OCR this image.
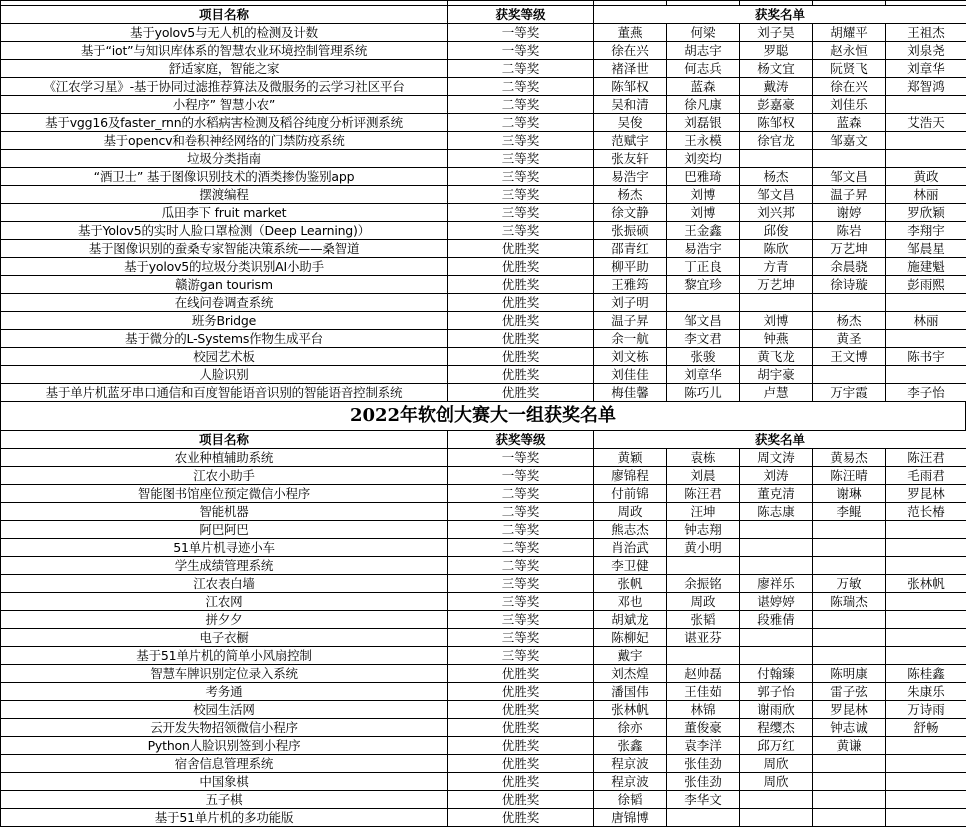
项目名称	获奖等级	获奖名单				
基于yolov5与无人机的检测及计数	一等奖	董燕	何梁	刘子昊	胡耀平	王祖杰
基于“iot”与知识库体系的智慧农业环境控制管理系统	一等奖	徐在兴	胡志宇	罗聪	赵永恒	刘泉尧
舒适家庭，智能之家	二等奖	褚泽世	何志兵	杨文宜	阮贤飞	刘章华
《江农学习星》-基于协同过滤推荐算法及微服务的云学习社区平台	二等奖	陈邹权	蓝森	戴涛	徐在兴	郑智鸿
小程序” 智慧小农”	二等奖	吴和清	徐凡康	彭嘉豪	刘佳乐	
基于vgg16及faster_rnn的水稻病害检测及稻谷纯度分析评测系统	二等奖	吴俊	刘磊银	陈邹权	蓝森	艾浩天
基于opencv和卷积神经网络的门禁防疫系统	三等奖	范赋宇	王永模	徐官龙	邹嘉文	
垃圾分类指南	三等奖	张友轩	刘奕均			
“酒卫士” 基于图像识别技术的酒类掺伪鉴别app	三等奖	易浩宇	巴雅琦	杨杰	邹文昌	黄政
摆渡编程	三等奖	杨杰	刘博	邹文昌	温子昇	林丽
瓜田李下 fruit market	三等奖	徐文静	刘博	刘兴邦	谢婷	罗欣颖
基于Yolov5的实时人脸口罩检测（Deep Learning)）	三等奖	张振硕	王金鑫	邱俊	陈岩	李翔宇
基于图像识别的蚕桑专家智能决策系统——桑智道	优胜奖	邵青红	易浩宇	陈欣	万艺坤	邹晨星
基于yolov5的垃圾分类识别AI小助手	优胜奖	柳平助	丁正良	方青	余晨骁	施建魁
赣游gan tourism	优胜奖	王雅筠	黎宜珍	万艺坤	徐诗璇	彭雨熙
在线问卷调查系统	优胜奖	刘子明				
班务Bridge	优胜奖	温子昇	邹文昌	刘博	杨杰	林丽
基于微分的L-Systems作物生成平台	优胜奖	余一航	李文君	钟燕	黄圣	
校园艺术板	优胜奖	刘文栋	张骏	黄飞龙	王文博	陈书宇
人脸识别	优胜奖	刘佳佳	刘章华	胡宇豪		
基于单片机蓝牙串口通信和百度智能语音识别的智能语音控制系统	优胜奖	梅佳馨	陈巧儿	卢慧	万宇霞	李子怡
2022年软创大赛大一组获奖名单
项目名称	获奖等级	获奖名单				
农业种植辅助系统	一等奖	黄颖	袁栋	周文涛	黄易杰	陈汪君
江农小助手	一等奖	廖锦程	刘晨	刘涛	陈汪晴	毛雨君
智能图书馆座位预定微信小程序	二等奖	付前锦	陈汪君	董克清	谢琳	罗昆林
智能机器	二等奖	周政	汪坤	陈志康	李鲲	范长椿
阿巴阿巴	二等奖	熊志杰	钟志翔			
51单片机寻迹小车	二等奖	肖治武	黄小明			
学生成绩管理系统	二等奖	李卫健				
江农表白墙	三等奖	张帆	余振铭	廖祥乐	万敏	张林帆
江农网	三等奖	邓也	周政	谌婷婷	陈瑞杰	
拼夕夕	三等奖	胡斌龙	张韬	段雅倩		
电子衣橱	三等奖	陈柳妃	谌亚芬			
基于51单片机的简单小风扇控制	三等奖	戴宇				
智慧车牌识别定位录入系统	优胜奖	刘杰煌	赵帅磊	付翰臻	陈明康	陈桂鑫
考务通	优胜奖	潘国伟	王佳茹	郭子怡	雷子弦	朱康乐
校园生活网	优胜奖	张林帆	林锦	谢雨欣	罗昆林	万诗雨
云开发失物招领微信小程序	优胜奖	徐亦	董俊豪	程缨杰	钟志诚	舒畅
Python人脸识别签到小程序	优胜奖	张鑫	袁李洋	邱万红	黄谦	
宿舍信息管理系统	优胜奖	程京波	张佳劲	周欣		
中国象棋	优胜奖	程京波	张佳劲	周欣		
五子棋	优胜奖	徐韬	李华文			
基于51单片机的多功能版	优胜奖	唐锦博				
